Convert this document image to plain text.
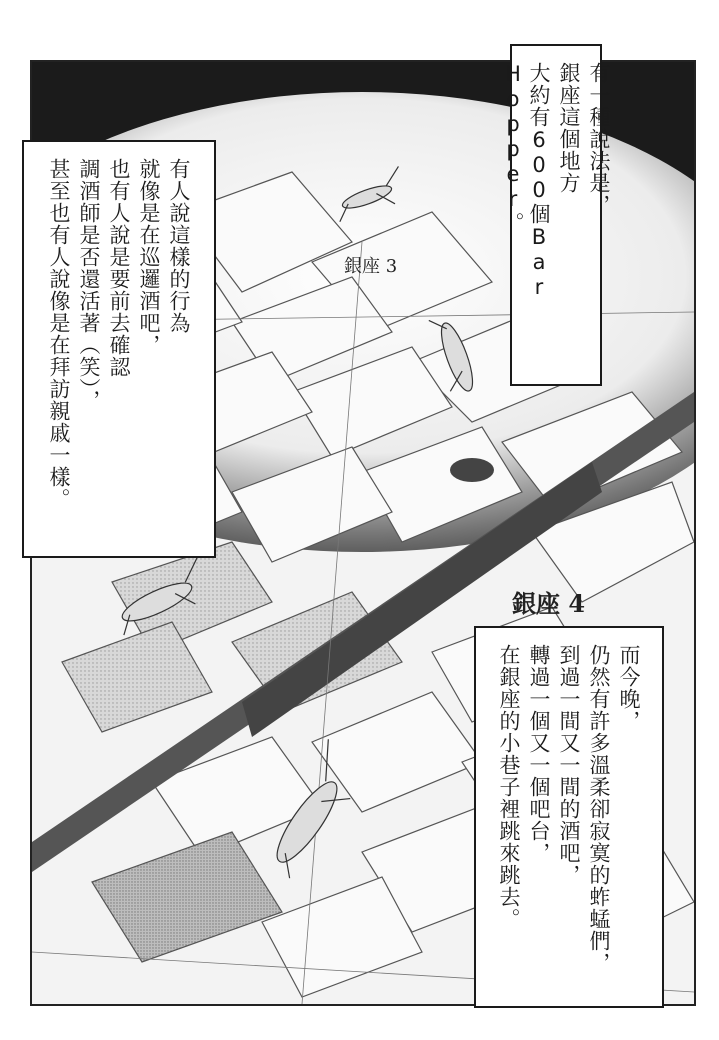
銀座 3
銀座 4
有一種說法是，
銀座這個地方
大約有600個Bar Hopper。
有人說這樣的行為
就像是在巡邏酒吧，
也有人說是要前去確認
調酒師是否還活著（笑），
甚至也有人說像是在拜訪親戚一樣。
而今晚，
仍然有許多溫柔卻寂寞的蚱蜢們，
到過一間又一間的酒吧，
轉過一個又一個吧台，
在銀座的小巷子裡跳來跳去。
